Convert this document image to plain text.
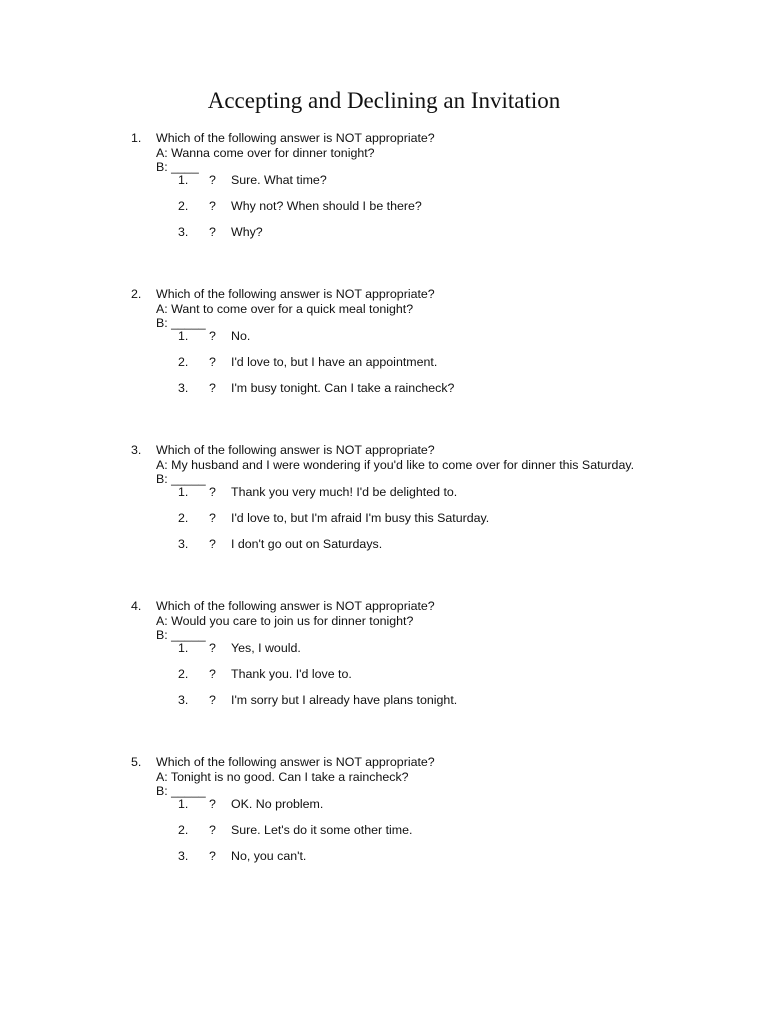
Accepting and Declining an Invitation
1. Which of the following answer is NOT appropriate?
A: Wanna come over for dinner tonight?
B: ____
1. ? Sure. What time?
2. ? Why not? When should I be there?
3. ? Why?
2. Which of the following answer is NOT appropriate?
A: Want to come over for a quick meal tonight?
B: _____
1. ? No.
2. ? I'd love to, but I have an appointment.
3. ? I'm busy tonight. Can I take a raincheck?
3. Which of the following answer is NOT appropriate?
A: My husband and I were wondering if you'd like to come over for dinner this Saturday.
B: _____
1. ? Thank you very much! I'd be delighted to.
2. ? I'd love to, but I'm afraid I'm busy this Saturday.
3. ? I don't go out on Saturdays.
4. Which of the following answer is NOT appropriate?
A: Would you care to join us for dinner tonight?
B: _____
1. ? Yes, I would.
2. ? Thank you. I'd love to.
3. ? I'm sorry but I already have plans tonight.
5. Which of the following answer is NOT appropriate?
A: Tonight is no good. Can I take a raincheck?
B: _____
1. ? OK. No problem.
2. ? Sure. Let's do it some other time.
3. ? No, you can't.
